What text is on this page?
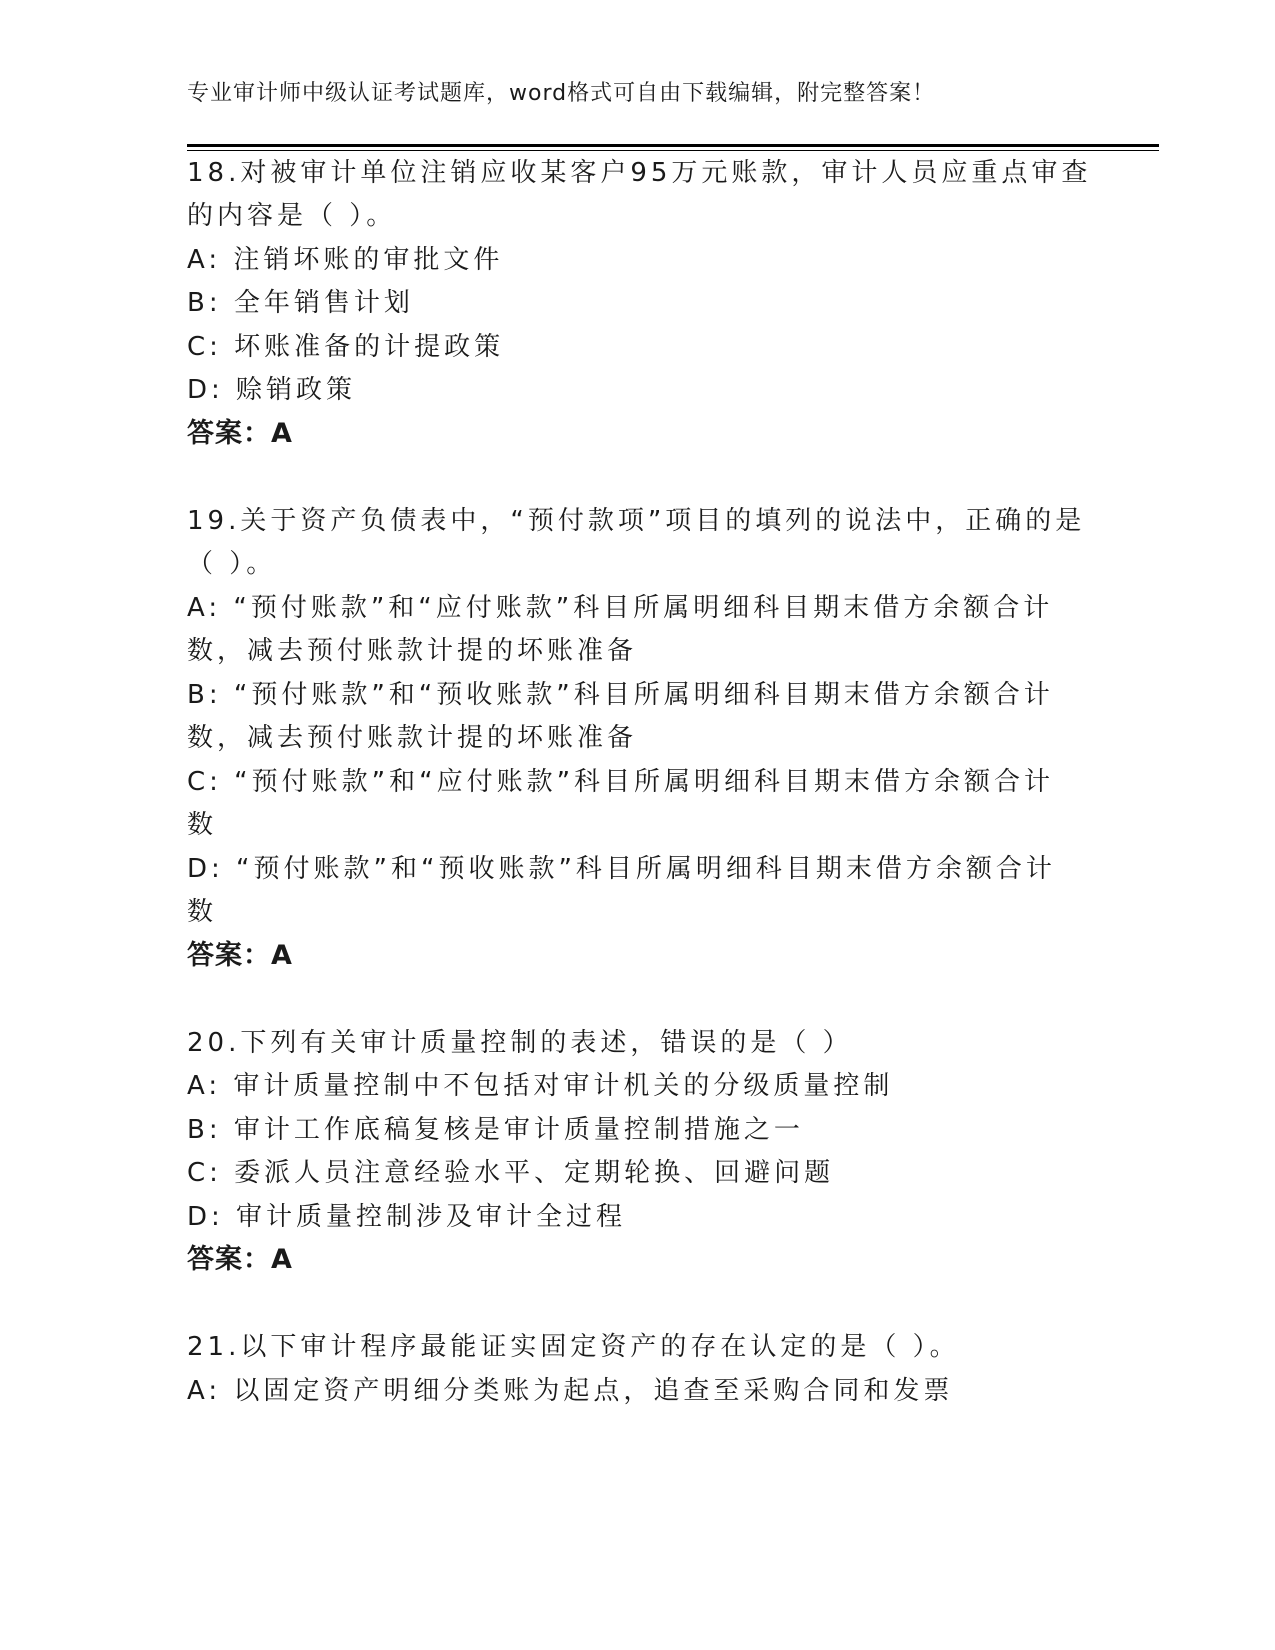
专业审计师中级认证考试题库，word格式可自由下载编辑，附完整答案！
18.对被审计单位注销应收某客户95万元账款，审计人员应重点审查
的内容是（ ）。
A: 注销坏账的审批文件
B: 全年销售计划
C: 坏账准备的计提政策
D: 赊销政策
答案：A
19.关于资产负债表中，“预付款项”项目的填列的说法中，正确的是
（ ）。
A: “预付账款”和“应付账款”科目所属明细科目期末借方余额合计
数，减去预付账款计提的坏账准备
B: “预付账款”和“预收账款”科目所属明细科目期末借方余额合计
数，减去预付账款计提的坏账准备
C: “预付账款”和“应付账款”科目所属明细科目期末借方余额合计
数
D: “预付账款”和“预收账款”科目所属明细科目期末借方余额合计
数
答案：A
20.下列有关审计质量控制的表述，错误的是（ ）
A: 审计质量控制中不包括对审计机关的分级质量控制
B: 审计工作底稿复核是审计质量控制措施之一
C: 委派人员注意经验水平、定期轮换、回避问题
D: 审计质量控制涉及审计全过程
答案：A
21.以下审计程序最能证实固定资产的存在认定的是（ ）。
A: 以固定资产明细分类账为起点，追查至采购合同和发票
